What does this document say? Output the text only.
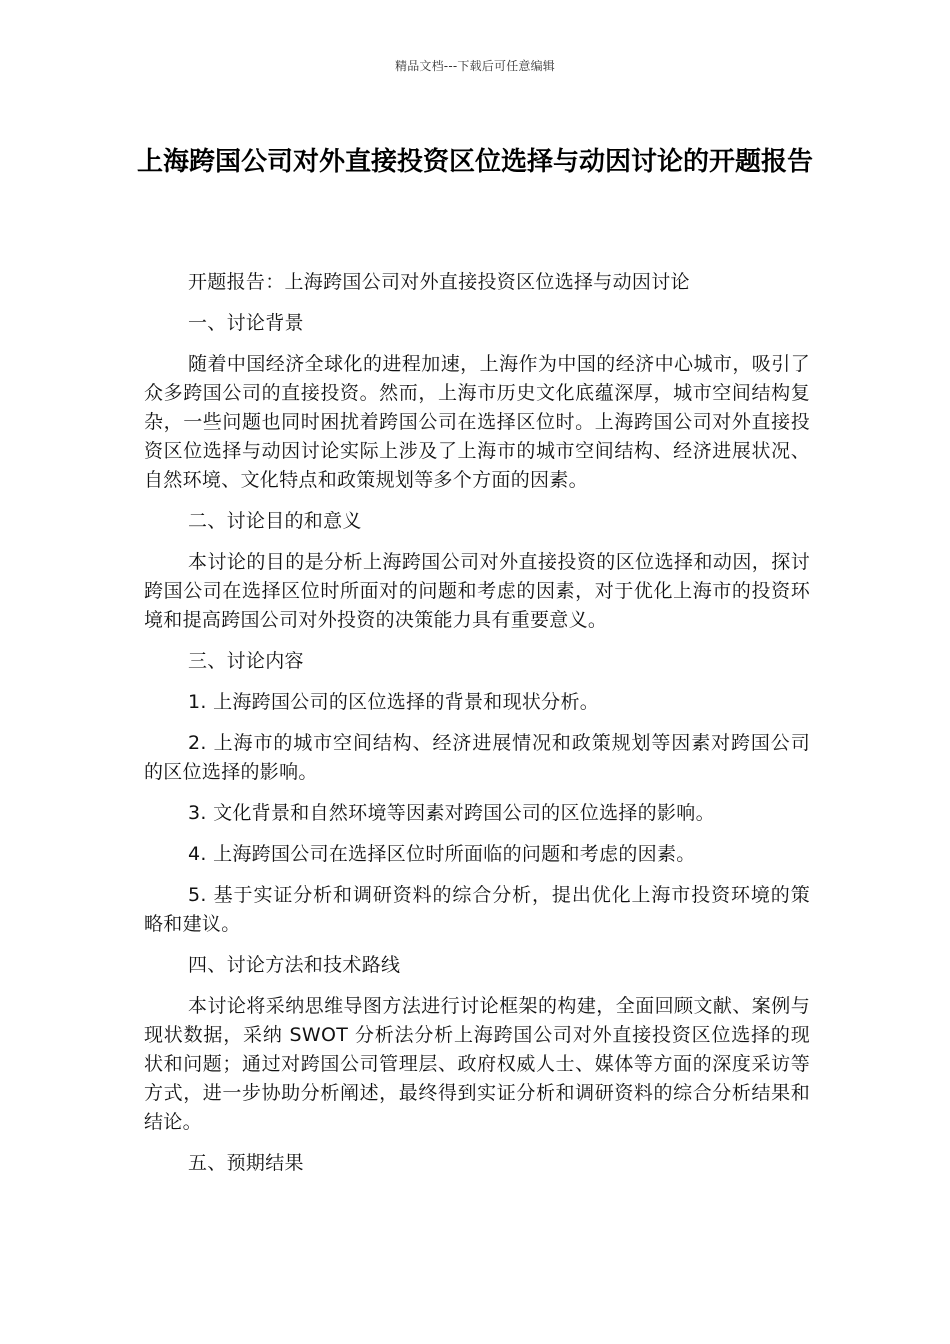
精品文档---下载后可任意编辑
上海跨国公司对外直接投资区位选择与动因讨论的开题报告

开题报告：上海跨国公司对外直接投资区位选择与动因讨论

一、讨论背景

随着中国经济全球化的进程加速，上海作为中国的经济中心城市，吸引了众多跨国公司的直接投资。然而，上海市历史文化底蕴深厚，城市空间结构复杂，一些问题也同时困扰着跨国公司在选择区位时。上海跨国公司对外直接投资区位选择与动因讨论实际上涉及了上海市的城市空间结构、经济进展状况、自然环境、文化特点和政策规划等多个方面的因素。

二、讨论目的和意义

本讨论的目的是分析上海跨国公司对外直接投资的区位选择和动因，探讨跨国公司在选择区位时所面对的问题和考虑的因素，对于优化上海市的投资环境和提高跨国公司对外投资的决策能力具有重要意义。

三、讨论内容

1. 上海跨国公司的区位选择的背景和现状分析。

2. 上海市的城市空间结构、经济进展情况和政策规划等因素对跨国公司的区位选择的影响。

3. 文化背景和自然环境等因素对跨国公司的区位选择的影响。

4. 上海跨国公司在选择区位时所面临的问题和考虑的因素。

5. 基于实证分析和调研资料的综合分析，提出优化上海市投资环境的策略和建议。

四、讨论方法和技术路线

本讨论将采纳思维导图方法进行讨论框架的构建，全面回顾文献、案例与现状数据，采纳 SWOT 分析法分析上海跨国公司对外直接投资区位选择的现状和问题；通过对跨国公司管理层、政府权威人士、媒体等方面的深度采访等方式，进一步协助分析阐述，最终得到实证分析和调研资料的综合分析结果和结论。

五、预期结果
